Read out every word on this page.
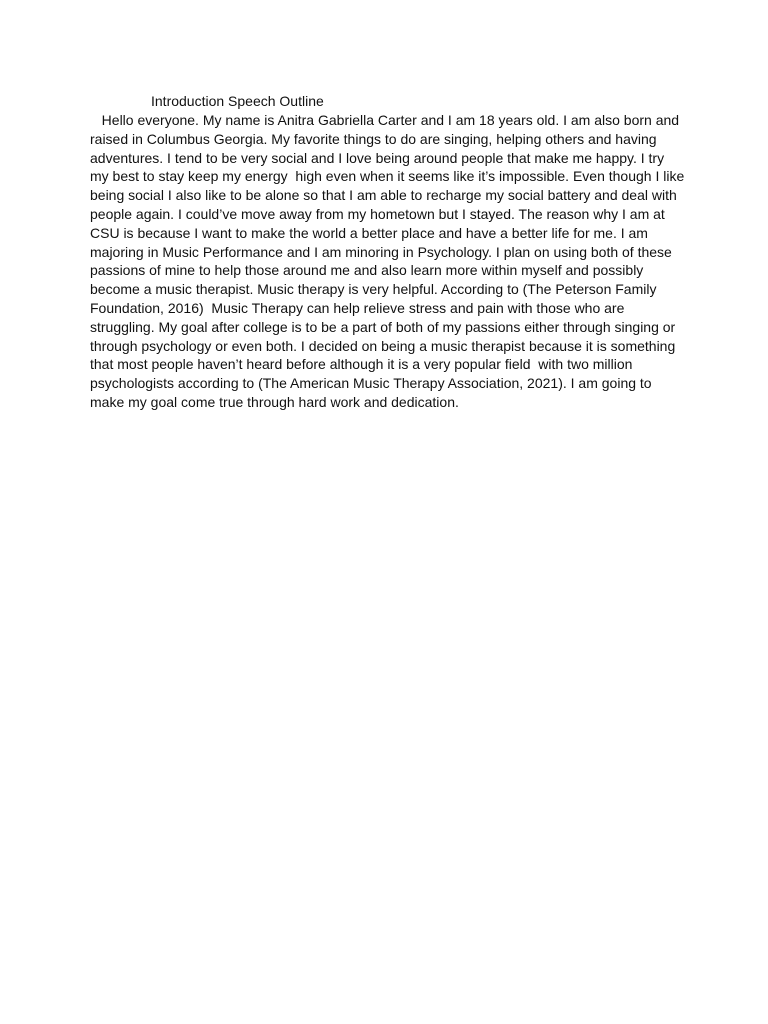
Introduction Speech Outline
Hello everyone. My name is Anitra Gabriella Carter and I am 18 years old. I am also born and
raised in Columbus Georgia. My favorite things to do are singing, helping others and having
adventures. I tend to be very social and I love being around people that make me happy. I try
my best to stay keep my energy  high even when it seems like it’s impossible. Even though I like
being social I also like to be alone so that I am able to recharge my social battery and deal with
people again. I could’ve move away from my hometown but I stayed. The reason why I am at
CSU is because I want to make the world a better place and have a better life for me. I am
majoring in Music Performance and I am minoring in Psychology. I plan on using both of these
passions of mine to help those around me and also learn more within myself and possibly
become a music therapist. Music therapy is very helpful. According to (The Peterson Family
Foundation, 2016)  Music Therapy can help relieve stress and pain with those who are
struggling. My goal after college is to be a part of both of my passions either through singing or
through psychology or even both. I decided on being a music therapist because it is something
that most people haven’t heard before although it is a very popular field  with two million
psychologists according to (The American Music Therapy Association, 2021). I am going to
make my goal come true through hard work and dedication.
